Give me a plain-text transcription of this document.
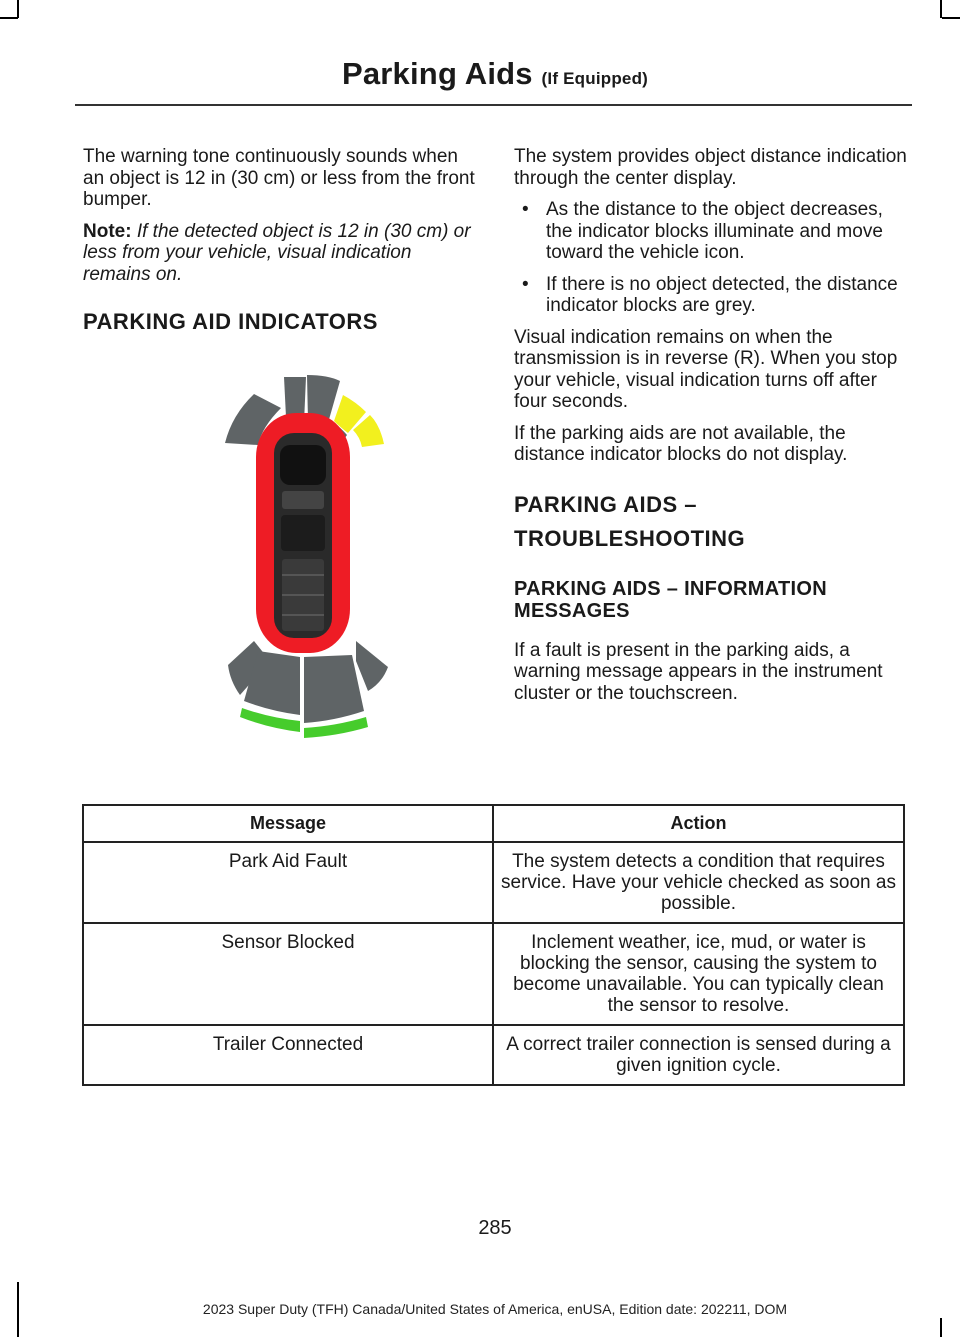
Parking Aids (If Equipped)

The warning tone continuously sounds when an object is 12 in (30 cm) or less from the front bumper.

Note: If the detected object is 12 in (30 cm) or less from your vehicle, visual indication remains on.

PARKING AID INDICATORS

The system provides object distance indication through the center display.

• As the distance to the object decreases, the indicator blocks illuminate and move toward the vehicle icon.
• If there is no object detected, the distance indicator blocks are grey.

Visual indication remains on when the transmission is in reverse (R). When you stop your vehicle, visual indication turns off after four seconds.

If the parking aids are not available, the distance indicator blocks do not display.

PARKING AIDS –
TROUBLESHOOTING
PARKING AIDS – INFORMATION MESSAGES

If a fault is present in the parking aids, a warning message appears in the instrument cluster or the touchscreen.

Message	Action
Park Aid Fault	The system detects a condition that requires service. Have your vehicle checked as soon as possible.
Sensor Blocked	Inclement weather, ice, mud, or water is blocking the sensor, causing the system to become unavailable. You can typically clean the sensor to resolve.
Trailer Connected	A correct trailer connection is sensed during a given ignition cycle.
285
2023 Super Duty (TFH) Canada/United States of America, enUSA, Edition date: 202211, DOM
